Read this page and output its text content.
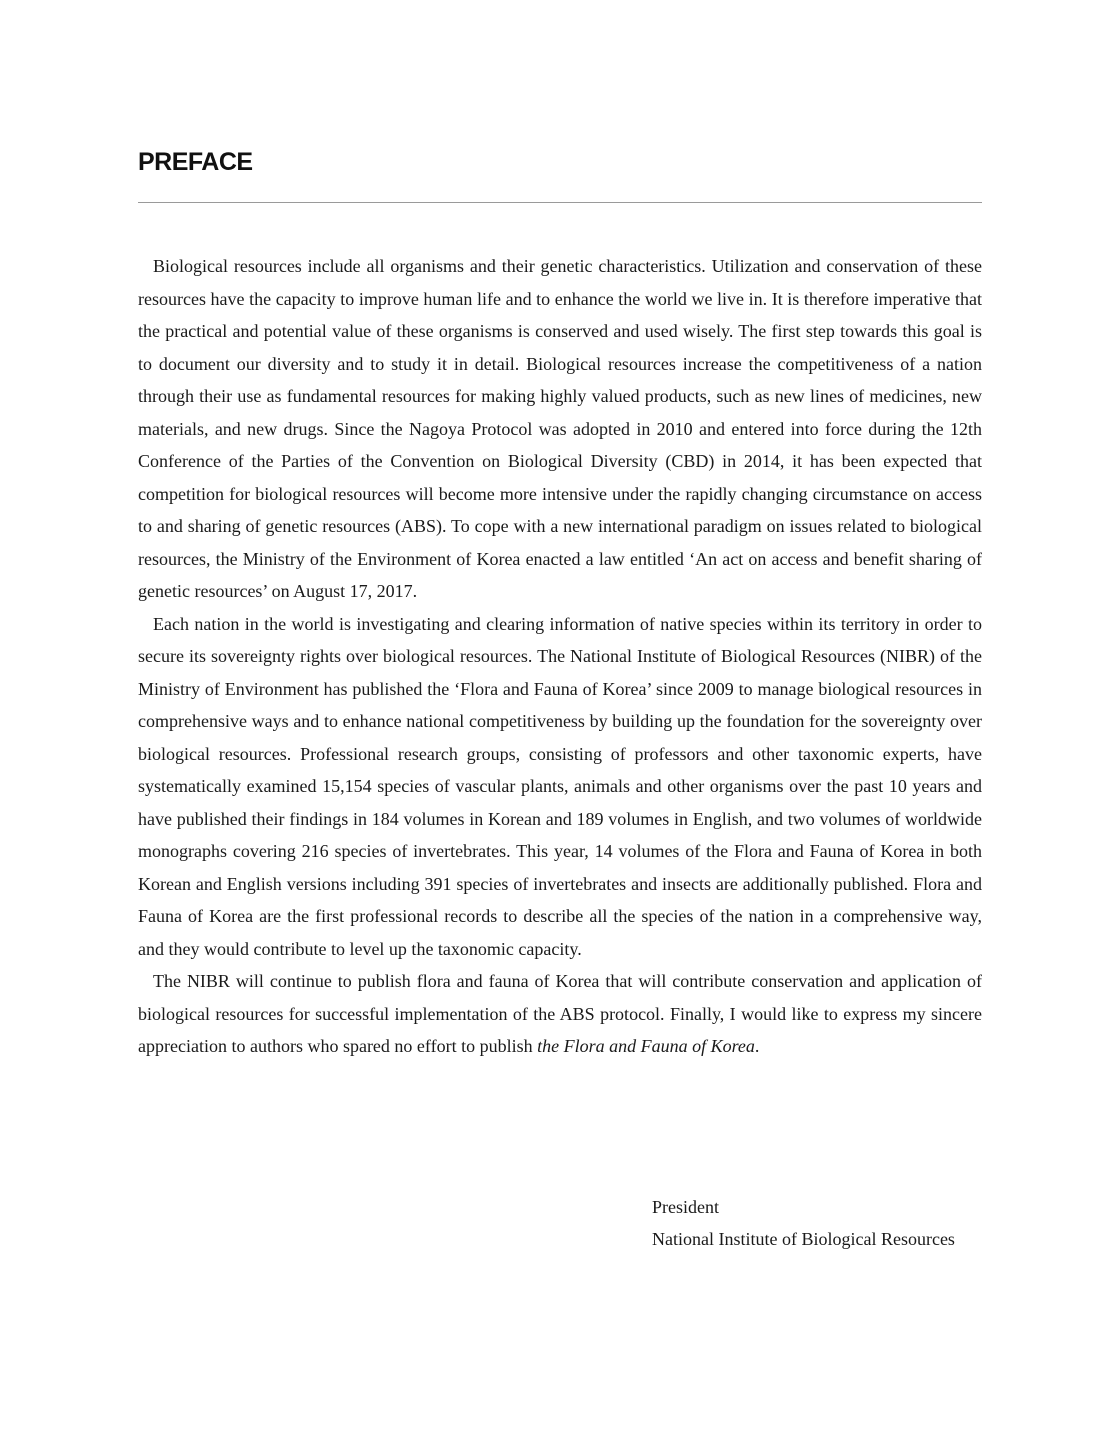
PREFACE

Biological resources include all organisms and their genetic characteristics. Utilization and conservation of these resources have the capacity to improve human life and to enhance the world we live in. It is therefore imperative that the practical and potential value of these organisms is conserved and used wisely. The first step towards this goal is to document our diversity and to study it in detail. Biological resources increase the competitiveness of a nation through their use as fundamental resources for making highly valued products, such as new lines of medicines, new materials, and new drugs. Since the Nagoya Protocol was adopted in 2010 and entered into force during the 12th Conference of the Parties of the Convention on Biological Diversity (CBD) in 2014, it has been expected that competition for biological resources will become more intensive under the rapidly changing circumstance on access to and sharing of genetic resources (ABS). To cope with a new international paradigm on issues related to biological resources, the Ministry of the Environment of Korea enacted a law entitled ‘An act on access and benefit sharing of genetic resources’ on August 17, 2017.

Each nation in the world is investigating and clearing information of native species within its territory in order to secure its sovereignty rights over biological resources. The National Institute of Biological Resources (NIBR) of the Ministry of Environment has published the ‘Flora and Fauna of Korea’ since 2009 to manage biological resources in comprehensive ways and to enhance national competitiveness by building up the foundation for the sovereignty over biological resources. Professional research groups, consisting of professors and other taxonomic experts, have systematically examined 15,154 species of vascular plants, animals and other organisms over the past 10 years and have published their findings in 184 volumes in Korean and 189 volumes in English, and two volumes of worldwide monographs covering 216 species of invertebrates. This year, 14 volumes of the Flora and Fauna of Korea in both Korean and English versions including 391 species of invertebrates and insects are additionally published. Flora and Fauna of Korea are the first professional records to describe all the species of the nation in a comprehensive way, and they would contribute to level up the taxonomic capacity.

The NIBR will continue to publish flora and fauna of Korea that will contribute conservation and application of biological resources for successful implementation of the ABS protocol. Finally, I would like to express my sincere appreciation to authors who spared no effort to publish the Flora and Fauna of Korea.

President
National Institute of Biological Resources
